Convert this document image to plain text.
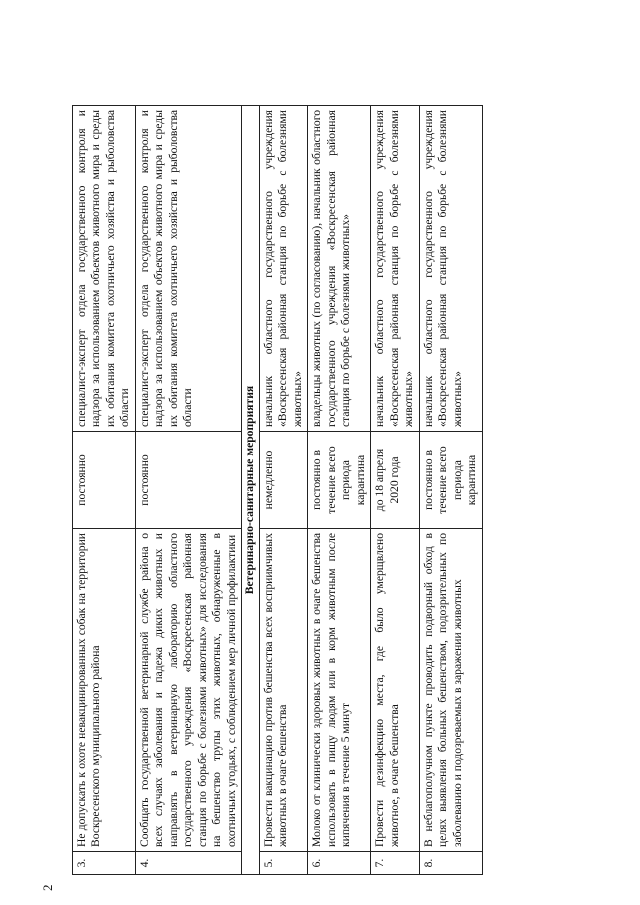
2
3.	Не допускать к охоте невакцинированных собак на территории Воскресенского муниципального района	постоянно	специалист-эксперт отдела государственного контроля и надзора за использованием объектов животного мира и среды их обитания комитета охотничьего хозяйства и рыболовства области
4.	Сообщать государственной ветеринарной службе района о всех случаях заболевания и падежа диких животных и направлять в ветеринарную лабораторию областного государственного учреждения «Воскресенская районная станция по борьбе с болезнями животных» для исследования на бешенство трупы этих животных, обнаруженные в охотничьих угодьях, с соблюдением мер личной профилактики	постоянно	специалист-эксперт отдела государственного контроля и надзора за использованием объектов животного мира и среды их обитания комитета охотничьего хозяйства и рыболовства области
Ветеринарно-санитарные мероприятия			
5.	Провести вакцинацию против бешенства всех восприимчивых животных в очаге бешенства	немедленно	начальник областного государственного учреждения «Воскресенская районная станция по борьбе с болезнями животных»
6.	Молоко от клинически здоровых животных в очаге бешенства использовать в пищу людям или в корм животным после кипячения в течение 5 минут	постоянно в течение всего периода карантина	владельцы животных (по согласованию), начальник областного государственного учреждения «Воскресенская районная станция по борьбе с болезнями животных»
7.	Провести дезинфекцию места, где было умерщвлено животное, в очаге бешенства	до 18 апреля 2020 года	начальник областного государственного учреждения «Воскресенская районная станция по борьбе с болезнями животных»
8.	В неблагополучном пункте проводить подворный обход в целях выявления больных бешенством, подозрительных по заболеванию и подозреваемых в заражении животных	постоянно в течение всего периода карантина	начальник областного государственного учреждения «Воскресенская районная станция по борьбе с болезнями животных»
